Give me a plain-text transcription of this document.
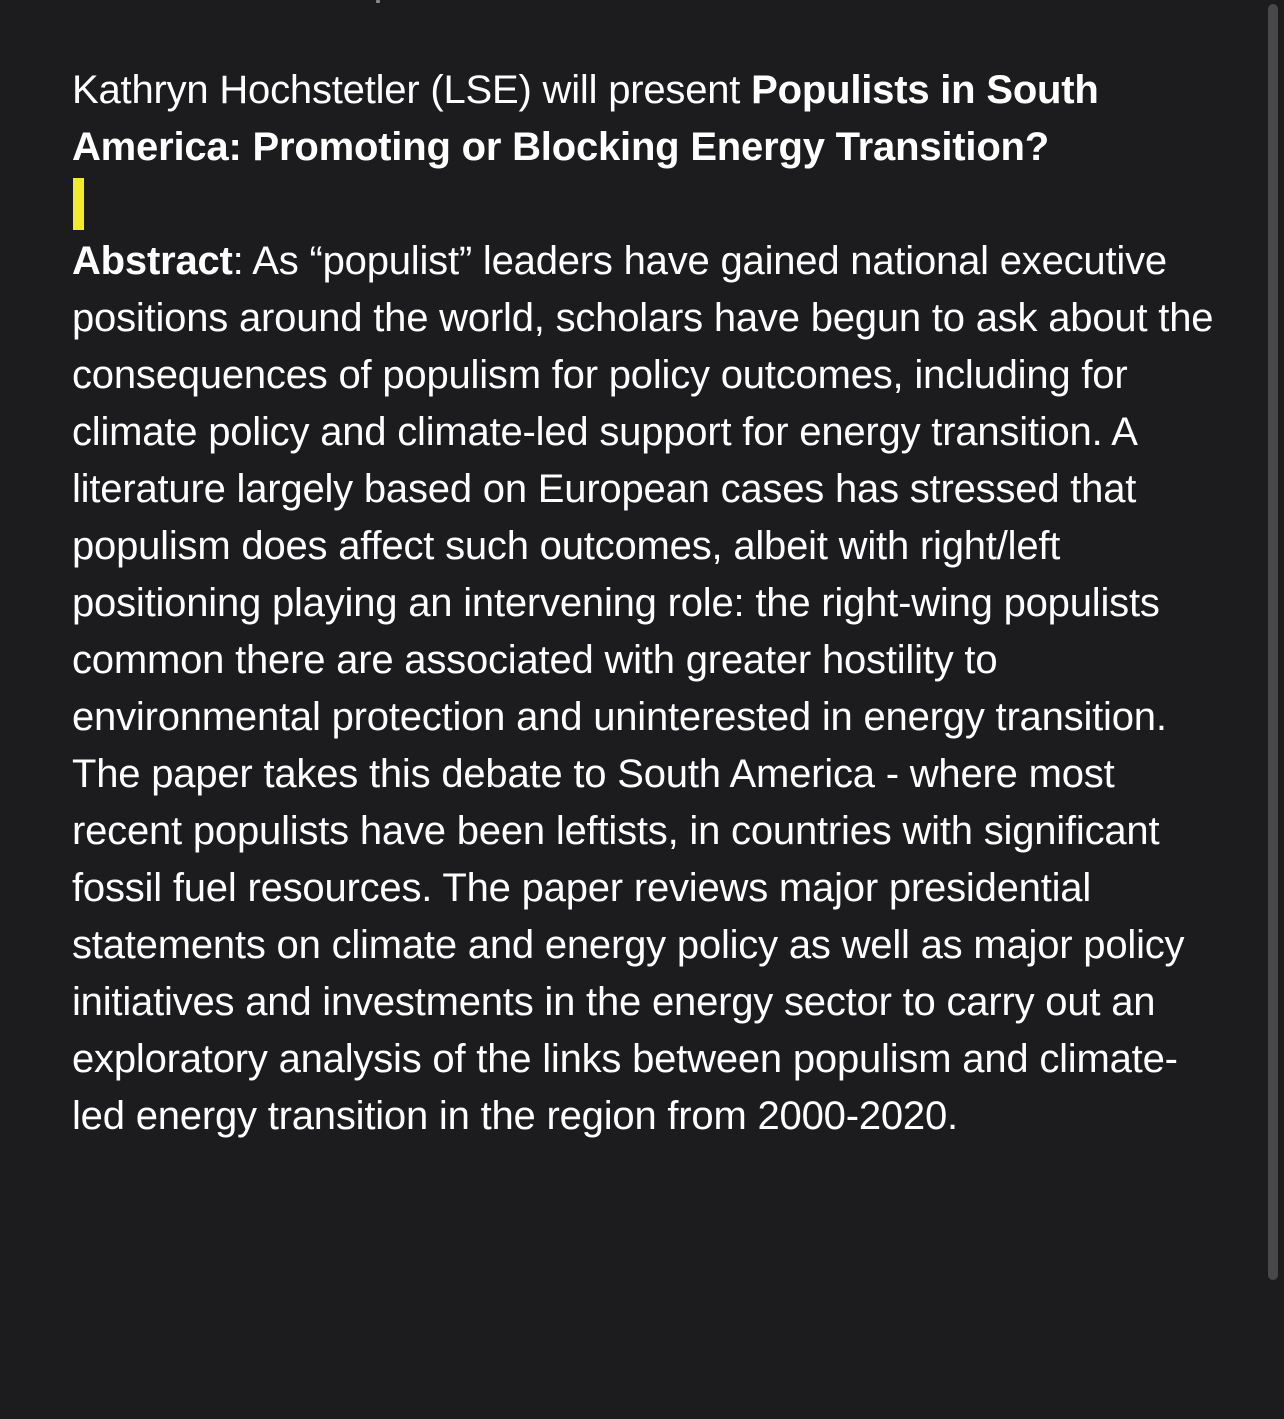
Kathryn Hochstetler (LSE) will present Populists in South America: Promoting or Blocking Energy Transition?

Abstract: As “populist” leaders have gained national executive positions around the world, scholars have begun to ask about the consequences of populism for policy outcomes, including for climate policy and climate-led support for energy transition. A literature largely based on European cases has stressed that populism does affect such outcomes, albeit with right/left positioning playing an intervening role: the right-wing populists common there are associated with greater hostility to environmental protection and uninterested in energy transition. The paper takes this debate to South America - where most recent populists have been leftists, in countries with significant fossil fuel resources. The paper reviews major presidential statements on climate and energy policy as well as major policy initiatives and investments in the energy sector to carry out an exploratory analysis of the links between populism and climate-led energy transition in the region from 2000-2020.
